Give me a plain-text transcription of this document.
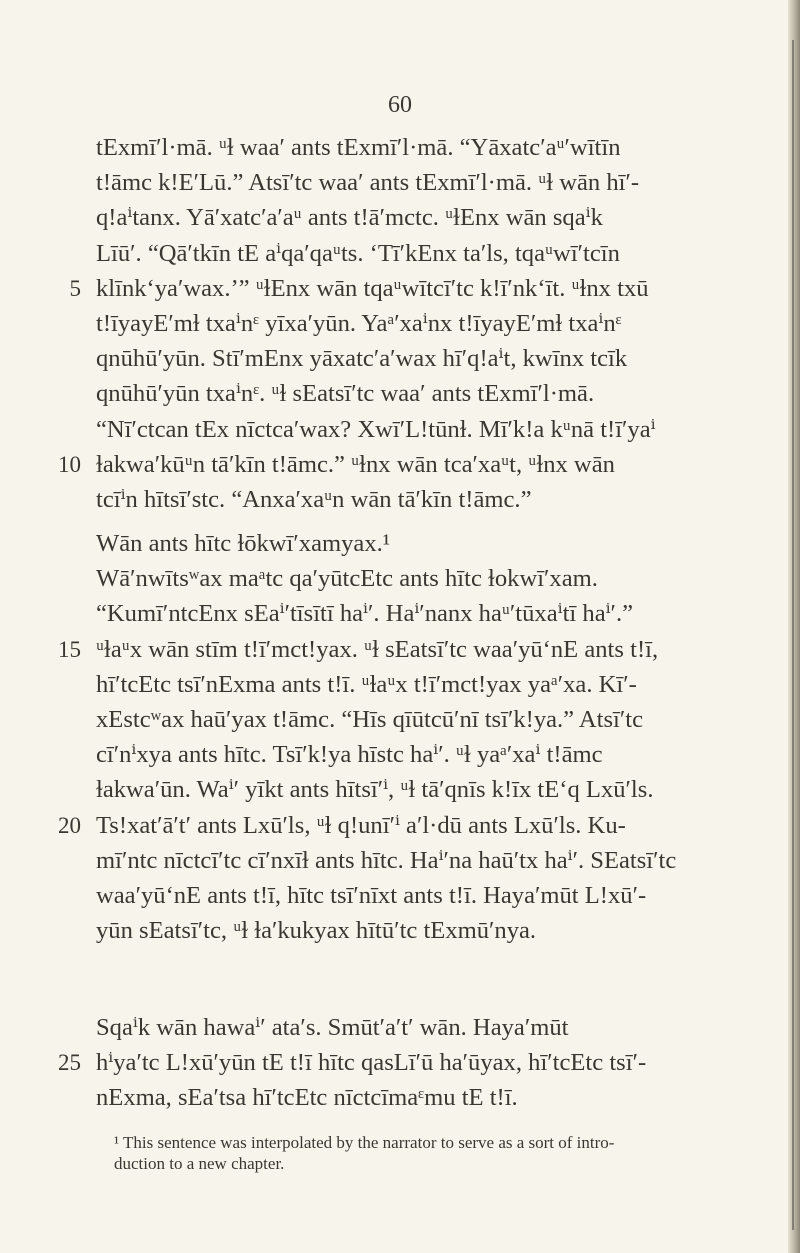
60
tExmī′l·mā. ᵘɫ waa′ ants tExmī′l·mā. “Yāxatc′aᵘ′wītīn
t!āmc k!E′Lū.” Atsī′tc waa′ ants tExmī′l·mā. ᵘɫ wān hī′-
q!aⁱtanx. Yā′xatc′a′aᵘ ants t!ā′mctc. ᵘɫEnx wān sqaⁱk
Līū′. “Qā′tkīn tE aⁱqa′qaᵘts. ‘Tī′kEnx ta′ls, tqaᵘwī′tcīn
5 klīnk‘ya′wax.’” ᵘɫEnx wān tqaᵘwītcī′tc k!ī′nk‘īt. ᵘɫnx txū
t!īyayE′mɫ txaⁱnᵋ yīxa′yūn. Yaᵃ′xaⁱnx t!īyayE′mɫ txaⁱnᵋ
qnūhū′yūn. Stī′mEnx yāxatc′a′wax hī′q!aⁱt, kwīnx tcīk
qnūhū′yūn txaⁱnᵋ. ᵘɫ sEatsī′tc waa′ ants tExmī′l·mā.
“Nī′ctcan tEx nīctca′wax? Xwī′L!tūnɫ. Mī′k!a kᵘnā t!ī′yaⁱ
10 ɫakwa′kūᵘn tā′kīn t!āmc.” ᵘɫnx wān tca′xaᵘt, ᵘɫnx wān
tcīⁱn hītsī′stc. “Anxa′xaᵘn wān tā′kīn t!āmc.”
Wān ants hītc ɫōkwī′xamyax.¹
Wā′nwītsʷax maᵃtc qa′yūtcEtc ants hītc ɫokwī′xam.
“Kumī′ntcEnx sEaⁱ′tīsītī haⁱ′. Haⁱ′nanx haᵘ′tūxaⁱtī haⁱ′.”
15 ᵘɫaᵘx wān stīm t!ī′mct!yax. ᵘɫ sEatsī′tc waa′yū‘nE ants t!ī,
hī′tcEtc tsī′nExma ants t!ī. ᵘɫaᵘx t!ī′mct!yax yaᵃ′xa. Kī′-
xEstcʷax haū′yax t!āmc. “Hīs qīūtcū′nī tsī′k!ya.” Atsī′tc
cī′nⁱxya ants hītc. Tsī′k!ya hīstc haⁱ′. ᵘɫ yaᵃ′xaⁱ t!āmc
ɫakwa′ūn. Waⁱ′ yīkt ants hītsī′ⁱ, ᵘɫ tā′qnīs k!īx tE‘q Lxū′ls.
20 Ts!xat′ā′t′ ants Lxū′ls, ᵘɫ q!unī′ⁱ a′l·dū ants Lxū′ls. Ku-
mī′ntc nīctcī′tc cī′nxīɫ ants hītc. Haⁱ′na haū′tx haⁱ′. SEatsī′tc
waa′yū‘nE ants t!ī, hītc tsī′nīxt ants t!ī. Haya′mūt L!xū′-
yūn sEatsī′tc, ᵘɫ ɫa′kukyax hītū′tc tExmū′nya.
Sqaⁱk wān hawaⁱ′ ata′s. Smūt′a′t′ wān. Haya′mūt
25 hⁱya′tc L!xū′yūn tE t!ī hītc qasLī′ū ha′ūyax, hī′tcEtc tsī′-
nExma, sEa′tsa hī′tcEtc nīctcīmaᵋmu tE t!ī.
¹ This sentence was interpolated by the narrator to serve as a sort of intro-
duction to a new chapter.
